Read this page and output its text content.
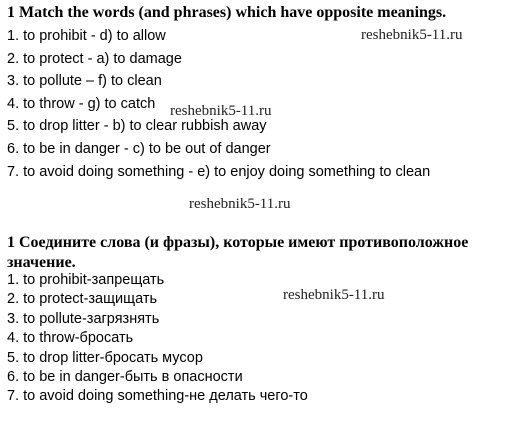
1 Match the words (and phrases) which have opposite meanings.
1. to prohibit - d) to allow
2. to protect - a) to damage
3. to pollute – f) to clean
4. to throw - g) to catch
5. to drop litter - b) to clear rubbish away
6. to be in danger - c) to be out of danger
7. to avoid doing something - e) to enjoy doing something to clean
1 Соедините слова (и фразы), которые имеют противоположное значение.
1. to prohibit-запрещать
2. to protect-защищать
3. to pollute-загрязнять
4. to throw-бросать
5. to drop litter-бросать мусор
6. to be in danger-быть в опасности
7. to avoid doing something-не делать чего-то
reshebnik5-11.ru
reshebnik5-11.ru
reshebnik5-11.ru
reshebnik5-11.ru
